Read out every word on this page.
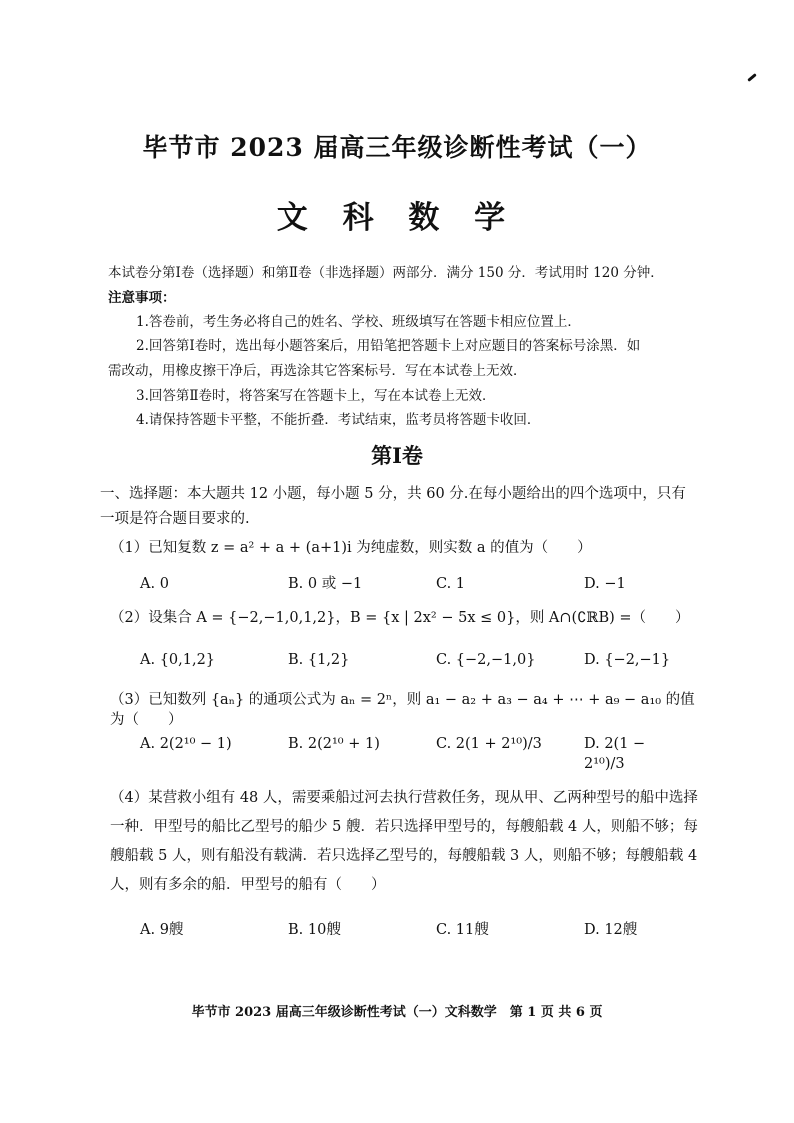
毕节市 2023 届高三年级诊断性考试（一）
文 科 数 学
本试卷分第Ⅰ卷（选择题）和第Ⅱ卷（非选择题）两部分．满分 150 分．考试用时 120 分钟．
注意事项：
1.答卷前，考生务必将自己的姓名、学校、班级填写在答题卡相应位置上．
2.回答第Ⅰ卷时，选出每小题答案后，用铅笔把答题卡上对应题目的答案标号涂黑．如
需改动，用橡皮擦干净后，再选涂其它答案标号．写在本试卷上无效．
3.回答第Ⅱ卷时，将答案写在答题卡上，写在本试卷上无效．
4.请保持答题卡平整，不能折叠．考试结束，监考员将答题卡收回．
第Ⅰ卷
一、选择题：本大题共 12 小题，每小题 5 分，共 60 分.在每小题给出的四个选项中，只有一项是符合题目要求的.
（1）已知复数 z = a² + a + (a+1)i 为纯虚数，则实数 a 的值为（　　）
A. 0	B. 0 或 −1	C. 1	D. −1
（2）设集合 A = {−2,−1,0,1,2}，B = {x | 2x² − 5x ≤ 0}，则 A∩(∁ℝB) =（　　）
A. {0,1,2}	B. {1,2}	C. {−2,−1,0}	D. {−2,−1}
（3）已知数列 {aₙ} 的通项公式为 aₙ = 2ⁿ，则 a₁ − a₂ + a₃ − a₄ + ⋯ + a₉ − a₁₀ 的值为（　　）
A. 2(2¹⁰ − 1)	B. 2(2¹⁰ + 1)	C. 2(1 + 2¹⁰)/3	D. 2(1 − 2¹⁰)/3
（4）某营救小组有 48 人，需要乘船过河去执行营救任务，现从甲、乙两种型号的船中选择一种．甲型号的船比乙型号的船少 5 艘．若只选择甲型号的，每艘船载 4 人，则船不够；每艘船载 5 人，则有船没有载满．若只选择乙型号的，每艘船载 3 人，则船不够；每艘船载 4 人，则有多余的船．甲型号的船有（　　）
A. 9艘	B. 10艘	C. 11艘	D. 12艘
毕节市 2023 届高三年级诊断性考试（一）文科数学　第 1 页 共 6 页
